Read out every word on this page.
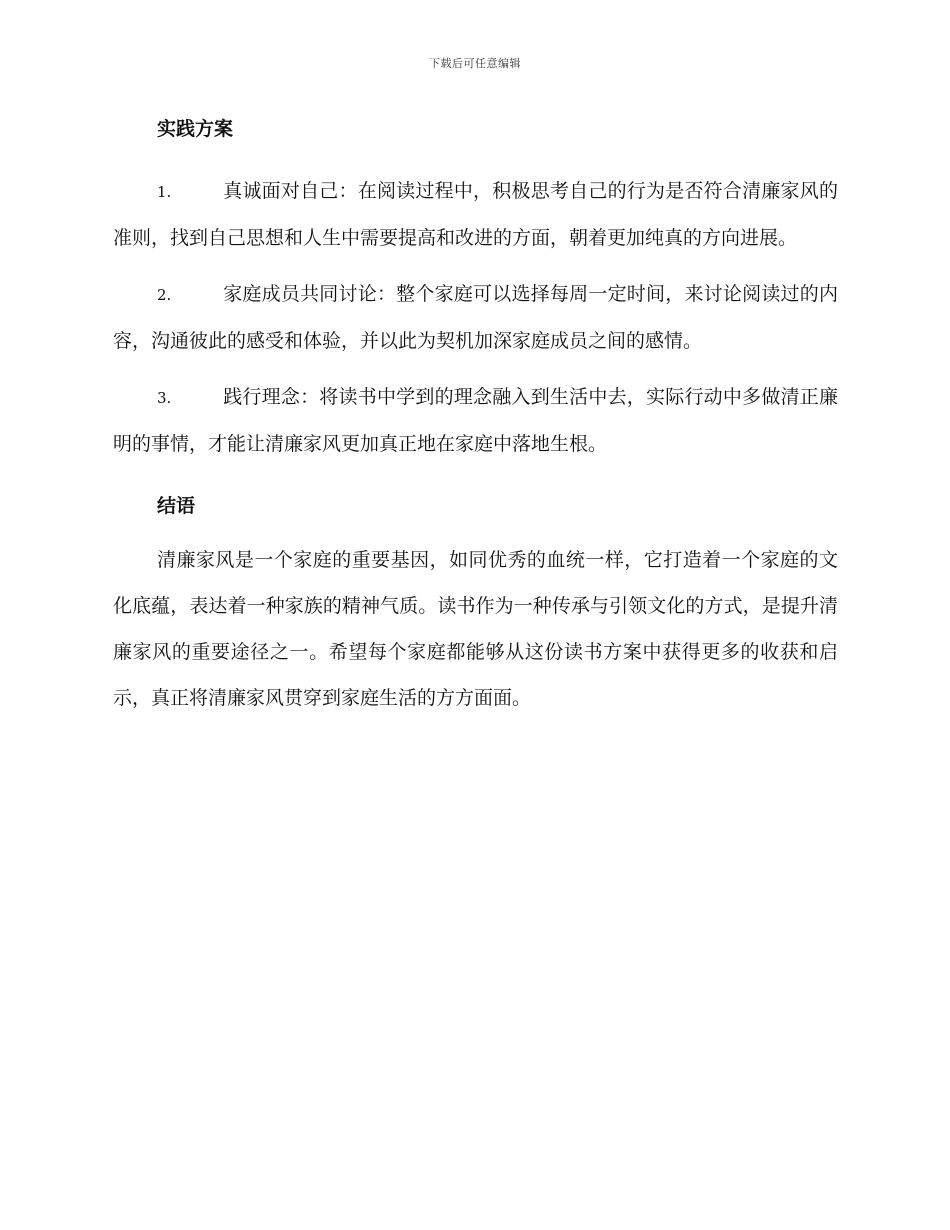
下载后可任意编辑
实践方案

1.	真诚面对自己：在阅读过程中，积极思考自己的行为是否符合清廉家风的准则，找到自己思想和人生中需要提高和改进的方面，朝着更加纯真的方向进展。

2.	家庭成员共同讨论：整个家庭可以选择每周一定时间，来讨论阅读过的内容，沟通彼此的感受和体验，并以此为契机加深家庭成员之间的感情。

3.	践行理念：将读书中学到的理念融入到生活中去，实际行动中多做清正廉明的事情，才能让清廉家风更加真正地在家庭中落地生根。

结语

清廉家风是一个家庭的重要基因，如同优秀的血统一样，它打造着一个家庭的文化底蕴，表达着一种家族的精神气质。读书作为一种传承与引领文化的方式，是提升清廉家风的重要途径之一。希望每个家庭都能够从这份读书方案中获得更多的收获和启示，真正将清廉家风贯穿到家庭生活的方方面面。
